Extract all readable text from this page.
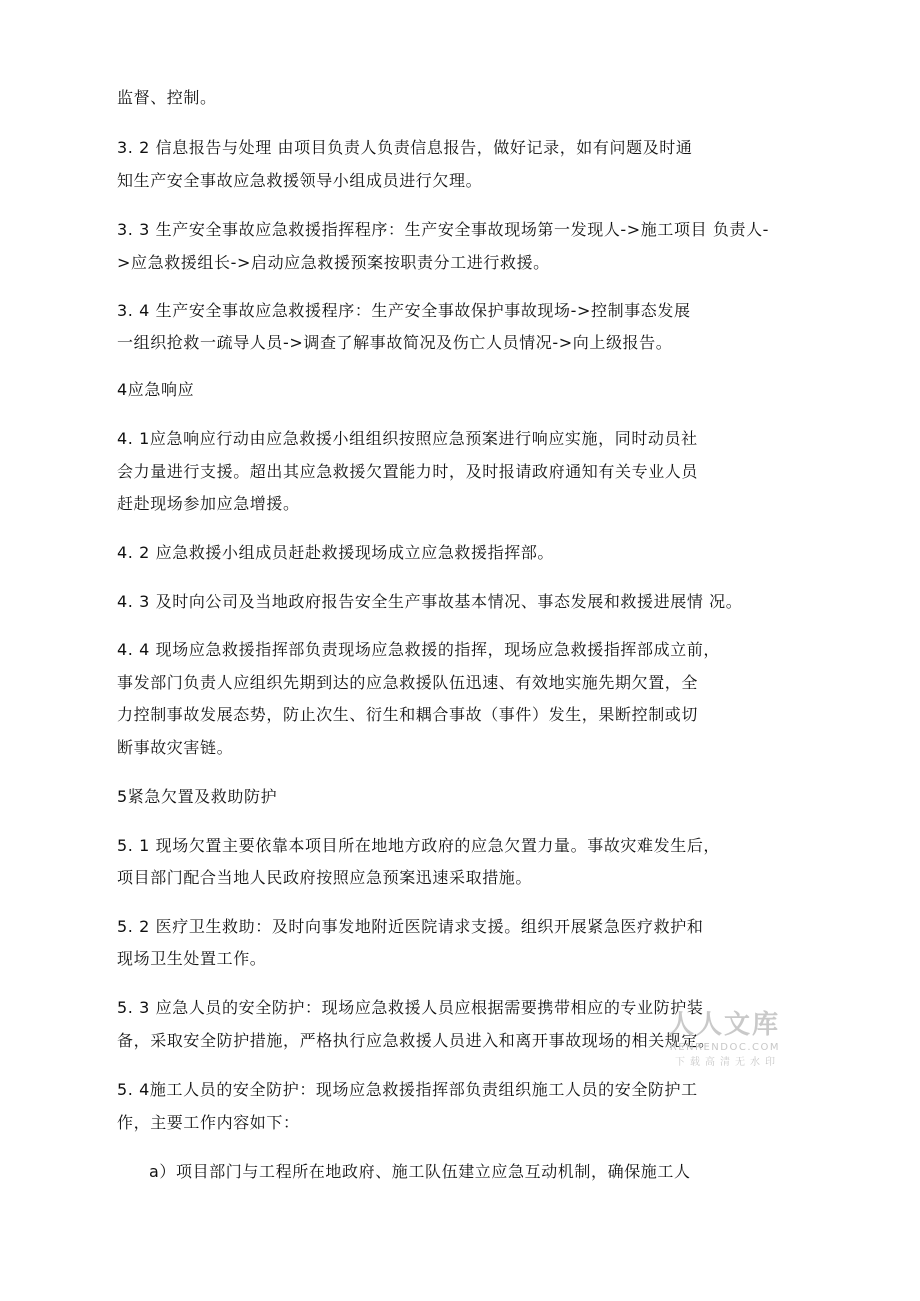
监督、控制。
3. 2 信息报告与处理 由项目负责人负责信息报告，做好记录，如有问题及时通
知生产安全事故应急救援领导小组成员进行欠理。
3. 3 生产安全事故应急救援指挥程序：生产安全事故现场第一发现人->施工项目 负责人-
>应急救援组长->启动应急救援预案按职责分工进行救援。
3. 4 生产安全事故应急救援程序：生产安全事故保护事故现场->控制事态发展
一组织抢救一疏导人员->调查了解事故简况及伤亡人员情况->向上级报告。
4应急响应
4. 1应急响应行动由应急救援小组组织按照应急预案进行响应实施，同时动员社
会力量进行支援。超出其应急救援欠置能力时，及时报请政府通知有关专业人员
赶赴现场参加应急增援。
4. 2 应急救援小组成员赶赴救援现场成立应急救援指挥部。
4. 3 及时向公司及当地政府报告安全生产事故基本情况、事态发展和救援进展情 况。
4. 4 现场应急救援指挥部负责现场应急救援的指挥，现场应急救援指挥部成立前，
事发部门负责人应组织先期到达的应急救援队伍迅速、有效地实施先期欠置，全
力控制事故发展态势，防止次生、衍生和耦合事故（事件）发生，果断控制或切
断事故灾害链。
5紧急欠置及救助防护
5. 1 现场欠置主要依靠本项目所在地地方政府的应急欠置力量。事故灾难发生后，
项目部门配合当地人民政府按照应急预案迅速采取措施。
5. 2 医疗卫生救助：及时向事发地附近医院请求支援。组织开展紧急医疗救护和
现场卫生处置工作。
5. 3 应急人员的安全防护：现场应急救援人员应根据需要携带相应的专业防护装
备，采取安全防护措施，严格执行应急救援人员进入和离开事故现场的相关规定。
5. 4施工人员的安全防护：现场应急救援指挥部负责组织施工人员的安全防护工
作，主要工作内容如下：
a）项目部门与工程所在地政府、施工队伍建立应急互动机制，确保施工人
人人文库
RENRENDOC.COM
下载高清无水印
